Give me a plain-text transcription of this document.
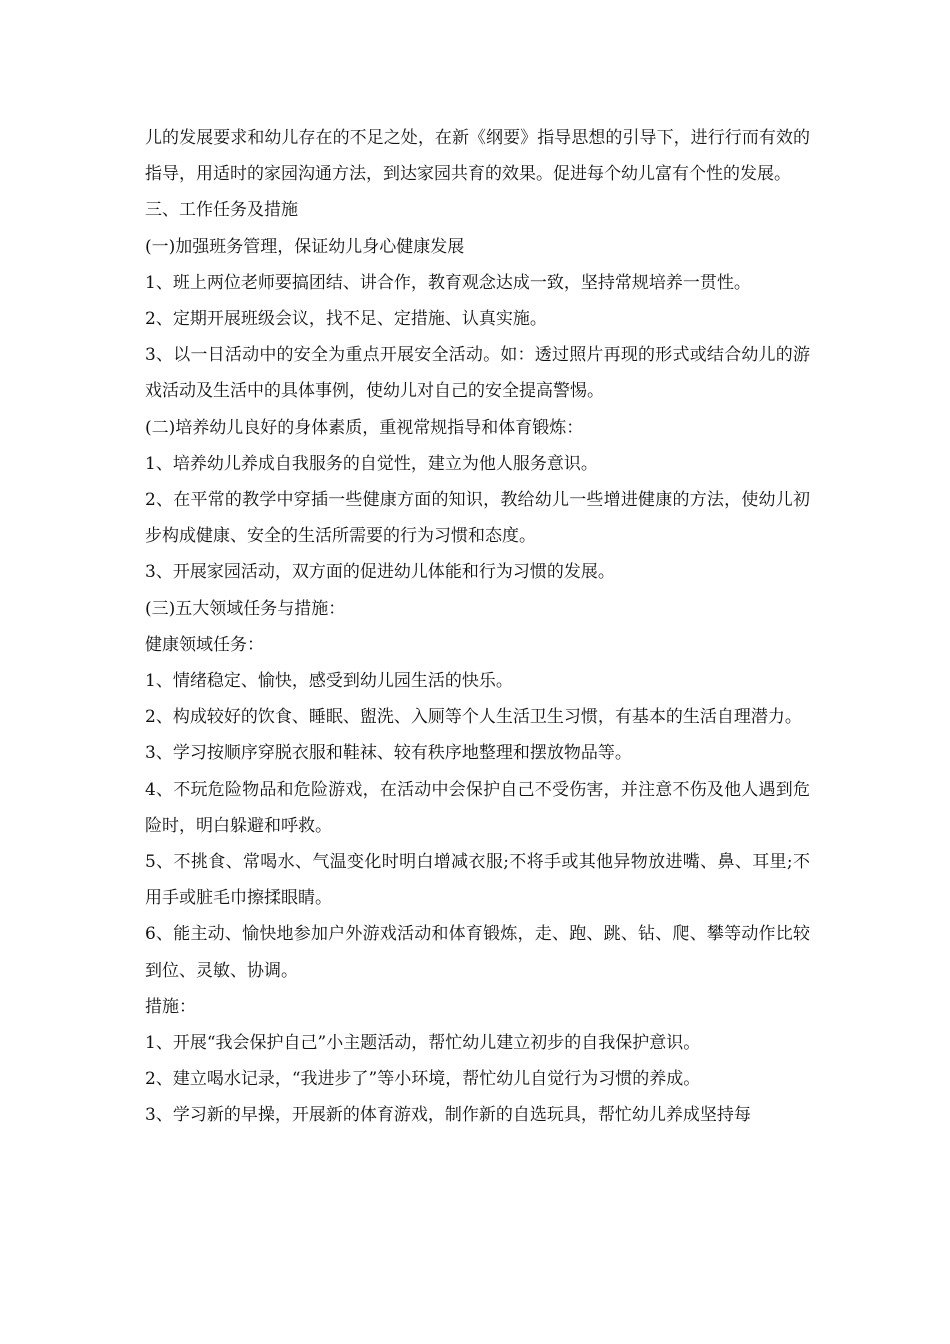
儿的发展要求和幼儿存在的不足之处，在新《纲要》指导思想的引导下，进行行而有效的指导，用适时的家园沟通方法，到达家园共育的效果。促进每个幼儿富有个性的发展。

三、工作任务及措施

(一)加强班务管理，保证幼儿身心健康发展

1、班上两位老师要搞团结、讲合作，教育观念达成一致，坚持常规培养一贯性。

2、定期开展班级会议，找不足、定措施、认真实施。

3、以一日活动中的安全为重点开展安全活动。如：透过照片再现的形式或结合幼儿的游戏活动及生活中的具体事例，使幼儿对自己的安全提高警惕。

(二)培养幼儿良好的身体素质，重视常规指导和体育锻炼：

1、培养幼儿养成自我服务的自觉性，建立为他人服务意识。

2、在平常的教学中穿插一些健康方面的知识，教给幼儿一些增进健康的方法，使幼儿初步构成健康、安全的生活所需要的行为习惯和态度。

3、开展家园活动，双方面的促进幼儿体能和行为习惯的发展。

(三)五大领域任务与措施：

健康领域任务：

1、情绪稳定、愉快，感受到幼儿园生活的快乐。

2、构成较好的饮食、睡眠、盥洗、入厕等个人生活卫生习惯，有基本的生活自理潜力。

3、学习按顺序穿脱衣服和鞋袜、较有秩序地整理和摆放物品等。

4、不玩危险物品和危险游戏，在活动中会保护自己不受伤害，并注意不伤及他人遇到危险时，明白躲避和呼救。

5、不挑食、常喝水、气温变化时明白增减衣服;不将手或其他异物放进嘴、鼻、耳里;不用手或脏毛巾擦揉眼睛。

6、能主动、愉快地参加户外游戏活动和体育锻炼，走、跑、跳、钻、爬、攀等动作比较到位、灵敏、协调。

措施：

1、开展“我会保护自己”小主题活动，帮忙幼儿建立初步的自我保护意识。

2、建立喝水记录，“我进步了”等小环境，帮忙幼儿自觉行为习惯的养成。

3、学习新的早操，开展新的体育游戏，制作新的自选玩具，帮忙幼儿养成坚持每
